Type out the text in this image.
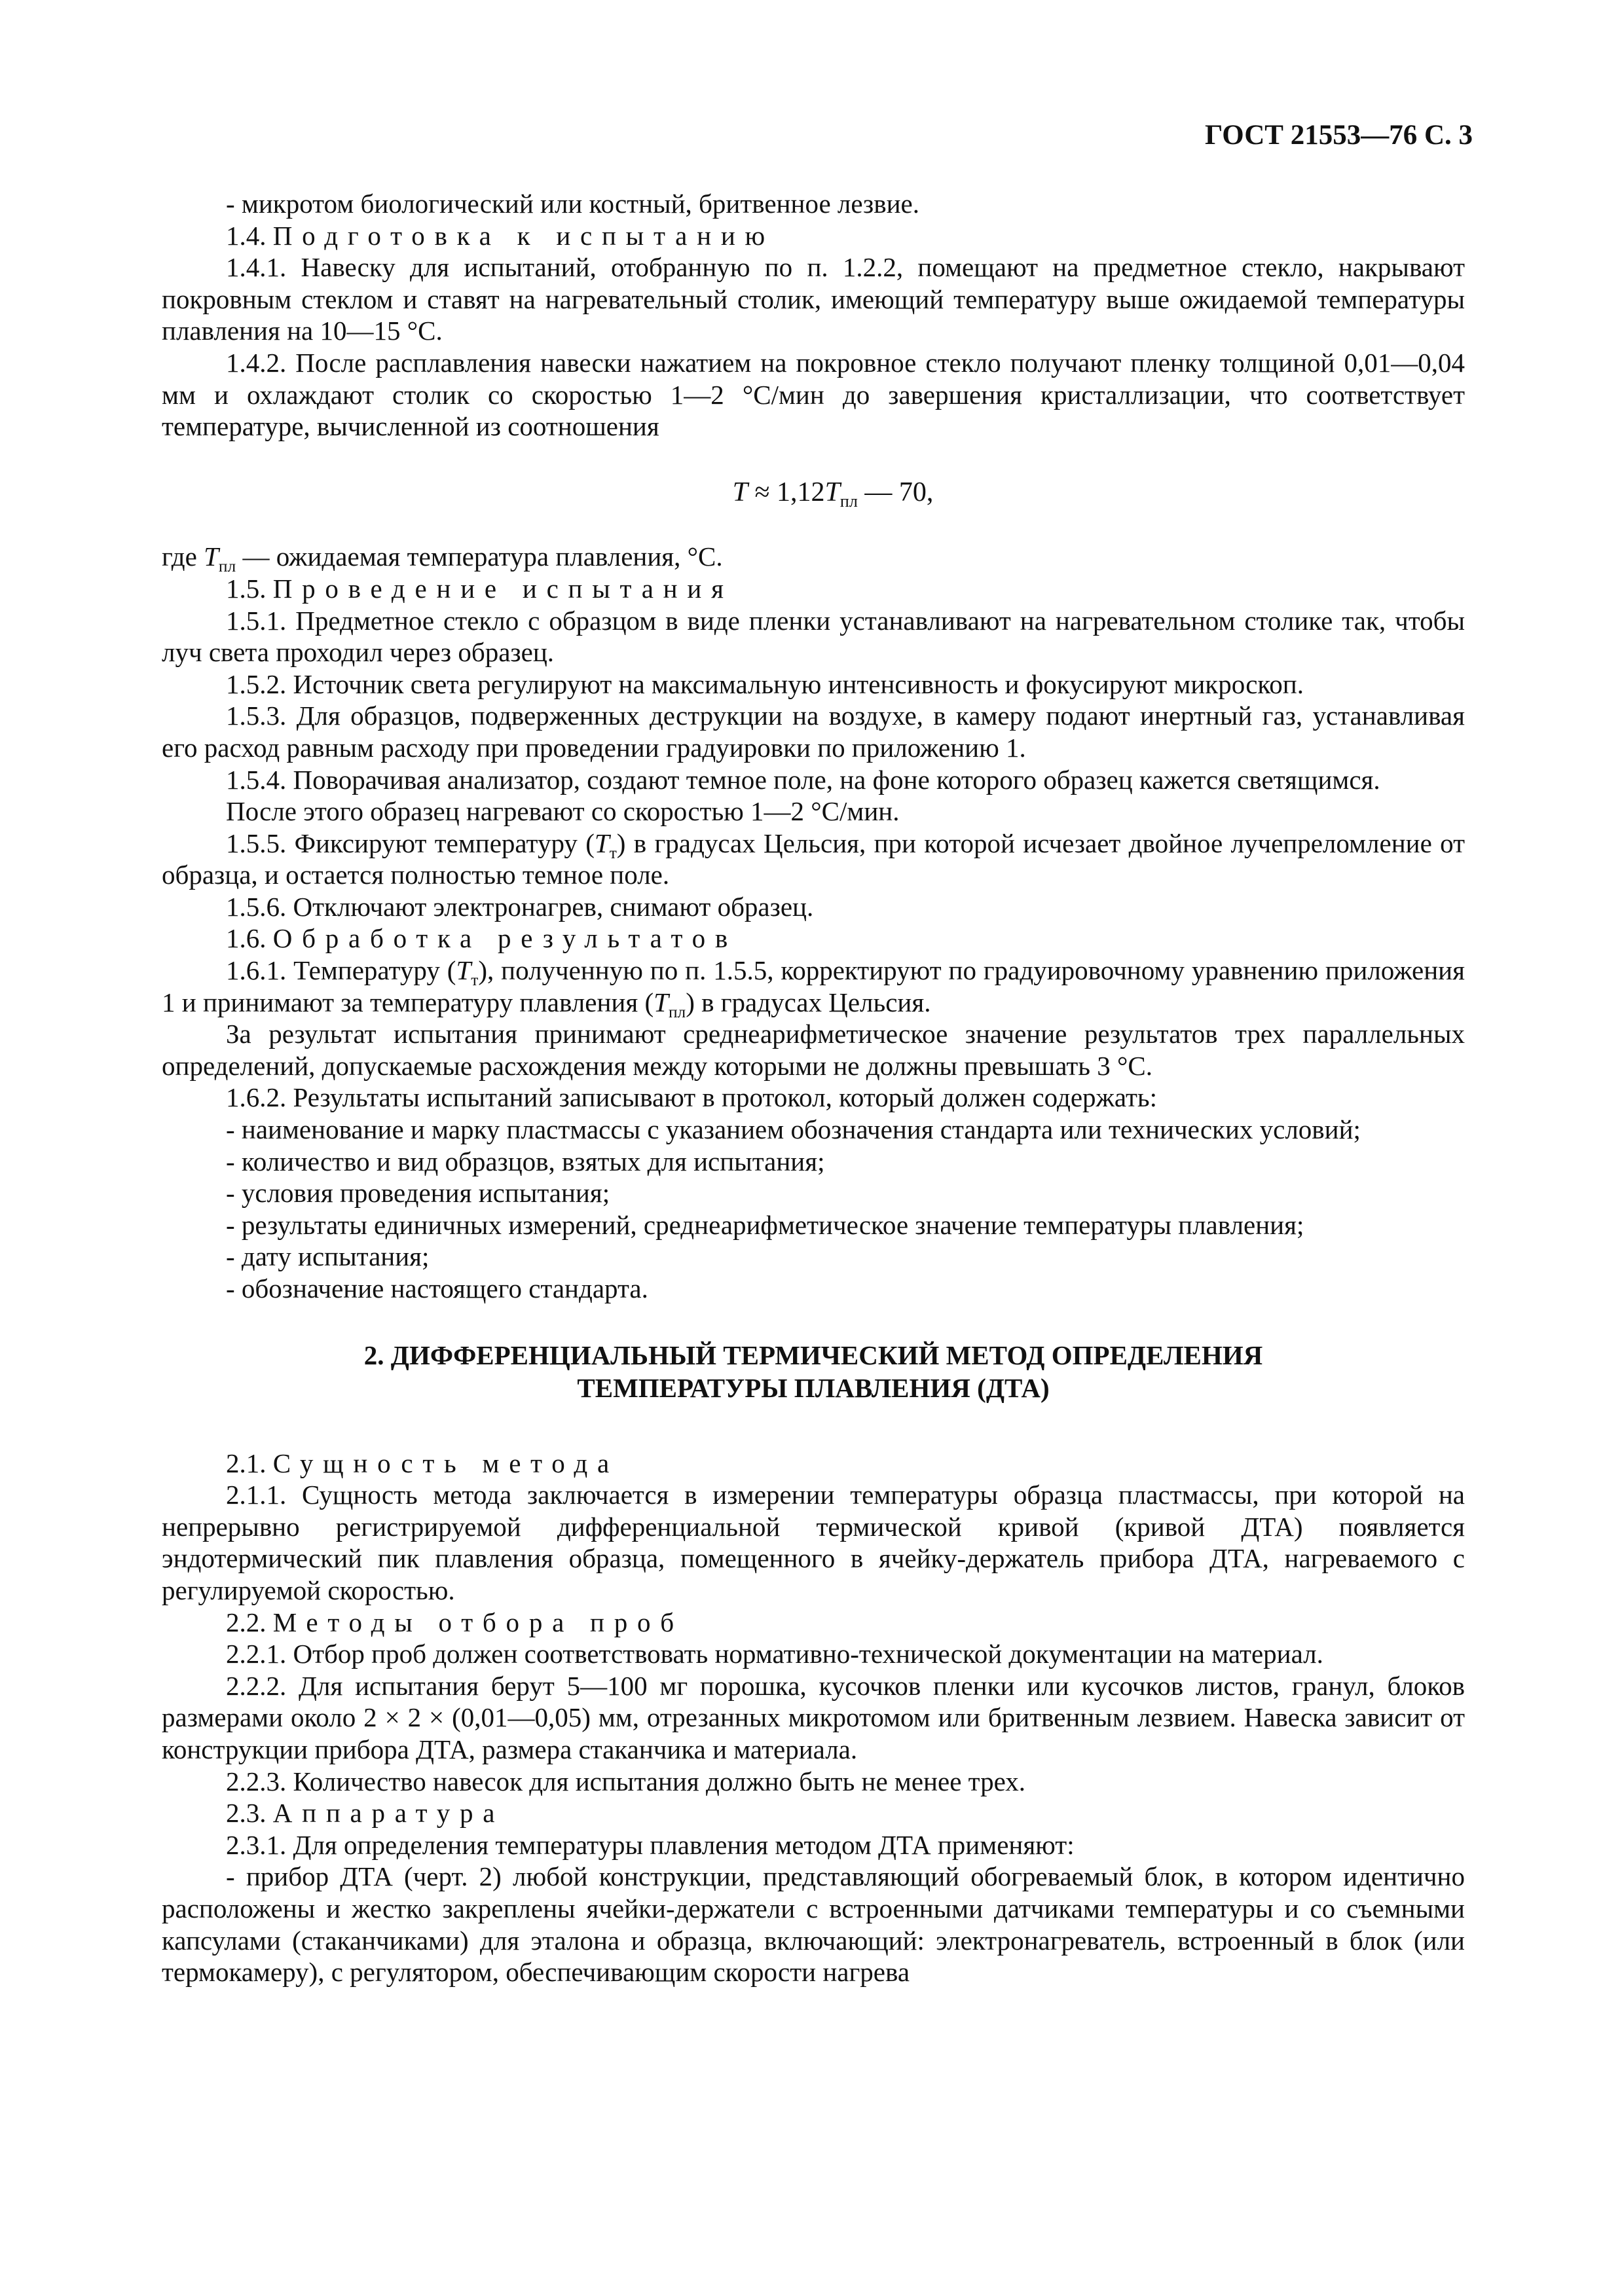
ГОСТ 21553—76 С. 3

- микротом биологический или костный, бритвенное лезвие.

1.4. Подготовка к испытанию

1.4.1. Навеску для испытаний, отобранную по п. 1.2.2, помещают на предметное стекло, накрывают покровным стеклом и ставят на нагревательный столик, имеющий температуру выше ожидаемой температуры плавления на 10—15 °С.

1.4.2. После расплавления навески нажатием на покровное стекло получают пленку толщиной 0,01—0,04 мм и охлаждают столик со скоростью 1—2 °С/мин до завершения кристаллизации, что соответствует температуре, вычисленной из соотношения

$T \approx 1,12T_{пл}$ — 70,

где $T_{пл}$ — ожидаемая температура плавления, °С.

1.5. Проведение испытания

1.5.1. Предметное стекло с образцом в виде пленки устанавливают на нагревательном столике так, чтобы луч света проходил через образец.

1.5.2. Источник света регулируют на максимальную интенсивность и фокусируют микроскоп.

1.5.3. Для образцов, подверженных деструкции на воздухе, в камеру подают инертный газ, устанавливая его расход равным расходу при проведении градуировки по приложению 1.

1.5.4. Поворачивая анализатор, создают темное поле, на фоне которого образец кажется светящимся.

После этого образец нагревают со скоростью 1—2 °С/мин.

1.5.5. Фиксируют температуру $(T_т)$ в градусах Цельсия, при которой исчезает двойное лучепреломление от образца, и остается полностью темное поле.

1.5.6. Отключают электронагрев, снимают образец.

1.6. Обработка результатов

1.6.1. Температуру $(T_т)$, полученную по п. 1.5.5, корректируют по градуировочному уравнению приложения 1 и принимают за температуру плавления $(T_{пл})$ в градусах Цельсия.

За результат испытания принимают среднеарифметическое значение результатов трех параллельных определений, допускаемые расхождения между которыми не должны превышать 3 °С.

1.6.2. Результаты испытаний записывают в протокол, который должен содержать:

- наименование и марку пластмассы с указанием обозначения стандарта или технических условий;

- количество и вид образцов, взятых для испытания;

- условия проведения испытания;

- результаты единичных измерений, среднеарифметическое значение температуры плавления;

- дату испытания;

- обозначение настоящего стандарта.

2. ДИФФЕРЕНЦИАЛЬНЫЙ ТЕРМИЧЕСКИЙ МЕТОД ОПРЕДЕЛЕНИЯ
ТЕМПЕРАТУРЫ ПЛАВЛЕНИЯ (ДТА)

2.1. Сущность метода

2.1.1. Сущность метода заключается в измерении температуры образца пластмассы, при которой на непрерывно регистрируемой дифференциальной термической кривой (кривой ДТА) появляется эндотермический пик плавления образца, помещенного в ячейку-держатель прибора ДТА, нагреваемого с регулируемой скоростью.

2.2. Методы отбора проб

2.2.1. Отбор проб должен соответствовать нормативно-технической документации на материал.

2.2.2. Для испытания берут 5—100 мг порошка, кусочков пленки или кусочков листов, гранул, блоков размерами около 2 × 2 × (0,01—0,05) мм, отрезанных микротомом или бритвенным лезвием. Навеска зависит от конструкции прибора ДТА, размера стаканчика и материала.

2.2.3. Количество навесок для испытания должно быть не менее трех.

2.3. Аппаратура

2.3.1. Для определения температуры плавления методом ДТА применяют:

- прибор ДТА (черт. 2) любой конструкции, представляющий обогреваемый блок, в котором идентично расположены и жестко закреплены ячейки-держатели с встроенными датчиками температуры и со съемными капсулами (стаканчиками) для эталона и образца, включающий: электронагреватель, встроенный в блок (или термокамеру), с регулятором, обеспечивающим скорости нагрева
